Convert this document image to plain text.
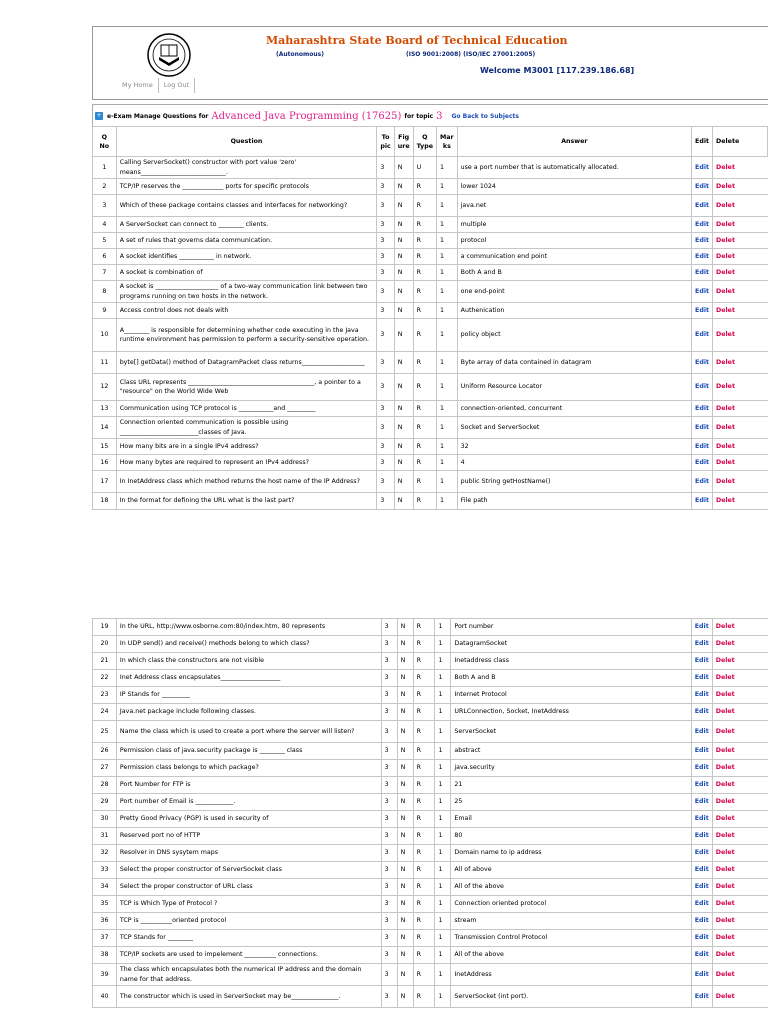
Maharashtra State Board of Technical Education
(Autonomous)	(ISO 9001:2008) (ISO/IEC 27001:2005)
Welcome M3001 [117.239.186.68]
My Home	Log Out
+ e-Exam Manage Questions for Advanced Java Programming (17625) for topic 3 Go Back to Subjects
Q No	Question	To pic	Fig ure	Q Type	Mar ks	Answer	Edit	Delete
1	Calling ServerSocket() constructor with port value 'zero' means___________________________.	3	N	U	1	use a port number that is automatically allocated.	Edit	Delet
2	TCP/IP reserves the _____________ ports for specific protocols	3	N	R	1	lower 1024	Edit	Delet
3	Which of these package contains classes and interfaces for networking?	3	N	R	1	java.net	Edit	Delet
4	A ServerSocket can connect to ________ clients.	3	N	R	1	multiple	Edit	Delet
5	A set of rules that governs data communication.	3	N	R	1	protocol	Edit	Delet
6	A socket identifies ___________ in network.	3	N	R	1	a communication end point	Edit	Delet
7	A socket is combination of	3	N	R	1	Both A and B	Edit	Delet
8	A socket is ____________________ of a two-way communication link between two programs running on two hosts in the network.	3	N	R	1	one end-point	Edit	Delet
9	Access control does not deals with	3	N	R	1	Authenication	Edit	Delet
10	A________ is responsible for determining whether code executing in the Java runtime environment has permission to perform a security-sensitive operation.	3	N	R	1	policy object	Edit	Delet
11	byte[] getData() method of DatagramPacket class returns____________________	3	N	R	1	Byte array of data contained in datagram	Edit	Delet
12	Class URL represents ________________________________________, a pointer to a "resource" on the World Wide Web	3	N	R	1	Uniform Resource Locator	Edit	Delet
13	Communication using TCP protocol is ___________and _________	3	N	R	1	connection-oriented, concurrent	Edit	Delet
14	Connection oriented communication is possible using _________________________classes of Java.	3	N	R	1	Socket and ServerSocket	Edit	Delet
15	How many bits are in a single IPv4 address?	3	N	R	1	32	Edit	Delet
16	How many bytes are required to represent an IPv4 address?	3	N	R	1	4	Edit	Delet
17	In InetAddress class which method returns the host name of the IP Address?	3	N	R	1	public String getHostName()	Edit	Delet
18	In the format for defining the URL what is the last part?	3	N	R	1	File path	Edit	Delet
19	In the URL, http://www.osborne.com:80/index.htm, 80 represents	3	N	R	1	Port number	Edit	Delet
20	In UDP send() and receive() methods belong to which class?	3	N	R	1	DatagramSocket	Edit	Delet
21	In which class the constructors are not visible	3	N	R	1	Inetaddress class	Edit	Delet
22	Inet Address class encapsulates___________________	3	N	R	1	Both A and B	Edit	Delet
23	IP Stands for _________	3	N	R	1	Internet Protocol	Edit	Delet
24	Java.net package include following classes.	3	N	R	1	URLConnection, Socket, InetAddress	Edit	Delet
25	Name the class which is used to create a port where the server will listen?	3	N	R	1	ServerSocket	Edit	Delet
26	Permission class of java.security package is ________ class	3	N	R	1	abstract	Edit	Delet
27	Permission class belongs to which package?	3	N	R	1	java.security	Edit	Delet
28	Port Number for FTP is	3	N	R	1	21	Edit	Delet
29	Port number of Email is ____________.	3	N	R	1	25	Edit	Delet
30	Pretty Good Privacy (PGP) is used in security of	3	N	R	1	Email	Edit	Delet
31	Reserved port no of HTTP	3	N	R	1	80	Edit	Delet
32	Resolver in DNS sysytem maps	3	N	R	1	Domain name to ip address	Edit	Delet
33	Select the proper constructor of ServerSocket class	3	N	R	1	All of above	Edit	Delet
34	Select the proper constructor of URL class	3	N	R	1	All of the above	Edit	Delet
35	TCP is Which Type of Protocol ?	3	N	R	1	Connection oriented protocol	Edit	Delet
36	TCP is __________oriented protocol	3	N	R	1	stream	Edit	Delet
37	TCP Stands for ________	3	N	R	1	Transmission Control Protocol	Edit	Delet
38	TCP/IP sockets are used to impelement __________ connections.	3	N	R	1	All of the above	Edit	Delet
39	The class which encapsulates both the numerical IP address and the domain name for that address.	3	N	R	1	InetAddress	Edit	Delet
40	The constructor which is used in ServerSocket may be_______________.	3	N	R	1	ServerSocket (int port).	Edit	Delet
